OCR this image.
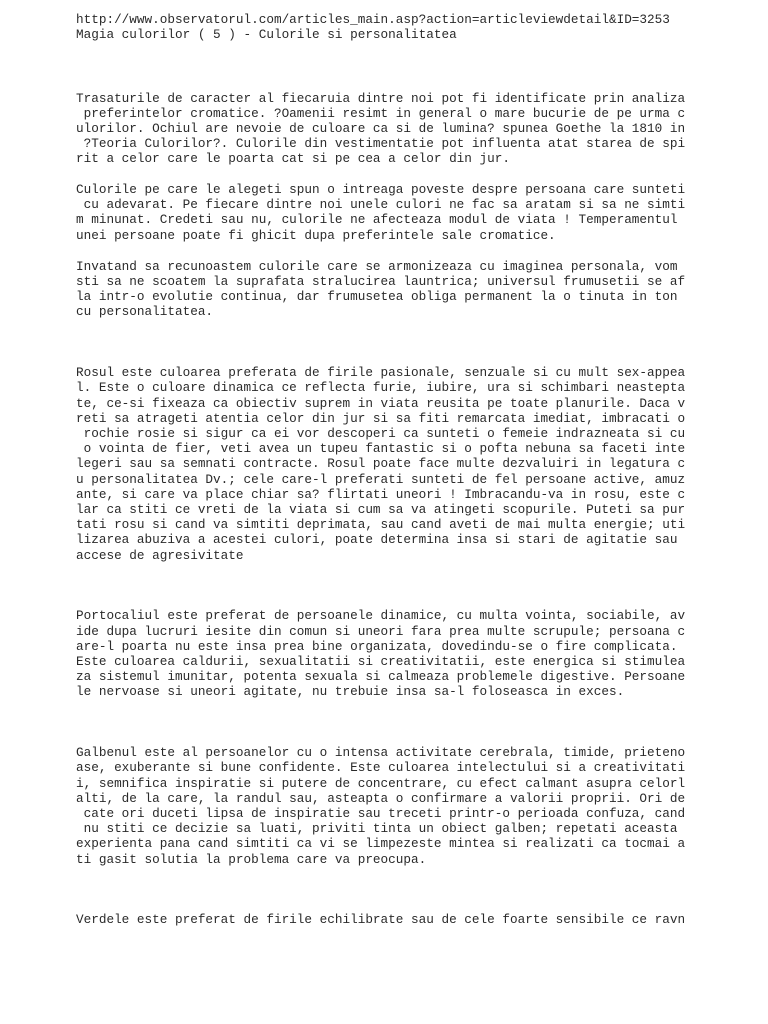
http://www.observatorul.com/articles_main.asp?action=articleviewdetail&ID=3253
Magia culorilor ( 5 ) - Culorile si personalitatea
Trasaturile de caracter al fiecaruia dintre noi pot fi identificate prin analiza
preferintelor cromatice. ?Oamenii resimt in general o mare bucurie de pe urma c
ulorilor. Ochiul are nevoie de culoare ca si de lumina? spunea Goethe la 1810 in
?Teoria Culorilor?. Culorile din vestimentatie pot influenta atat starea de spi
rit a celor care le poarta cat si pe cea a celor din jur.
Culorile pe care le alegeti spun o intreaga poveste despre persoana care sunteti
cu adevarat. Pe fiecare dintre noi unele culori ne fac sa aratam si sa ne simti
m minunat. Credeti sau nu, culorile ne afecteaza modul de viata ! Temperamentul
unei persoane poate fi ghicit dupa preferintele sale cromatice.
Invatand sa recunoastem culorile care se armonizeaza cu imaginea personala, vom
sti sa ne scoatem la suprafata stralucirea launtrica; universul frumusetii se af
la intr-o evolutie continua, dar frumusetea obliga permanent la o tinuta in ton
cu personalitatea.
Rosul este culoarea preferata de firile pasionale, senzuale si cu mult sex-appea
l. Este o culoare dinamica ce reflecta furie, iubire, ura si schimbari neastepta
te, ce-si fixeaza ca obiectiv suprem in viata reusita pe toate planurile. Daca v
reti sa atrageti atentia celor din jur si sa fiti remarcata imediat, imbracati o
rochie rosie si sigur ca ei vor descoperi ca sunteti o femeie indrazneata si cu
o vointa de fier, veti avea un tupeu fantastic si o pofta nebuna sa faceti inte
legeri sau sa semnati contracte. Rosul poate face multe dezvaluiri in legatura c
u personalitatea Dv.; cele care-l preferati sunteti de fel persoane active, amuz
ante, si care va place chiar sa? flirtati uneori ! Imbracandu-va in rosu, este c
lar ca stiti ce vreti de la viata si cum sa va atingeti scopurile. Puteti sa pur
tati rosu si cand va simtiti deprimata, sau cand aveti de mai multa energie; uti
lizarea abuziva a acestei culori, poate determina insa si stari de agitatie sau
accese de agresivitate
Portocaliul este preferat de persoanele dinamice, cu multa vointa, sociabile, av
ide dupa lucruri iesite din comun si uneori fara prea multe scrupule; persoana c
are-l poarta nu este insa prea bine organizata, dovedindu-se o fire complicata.
Este culoarea caldurii, sexualitatii si creativitatii, este energica si stimulea
za sistemul imunitar, potenta sexuala si calmeaza problemele digestive. Persoane
le nervoase si uneori agitate, nu trebuie insa sa-l foloseasca in exces.
Galbenul este al persoanelor cu o intensa activitate cerebrala, timide, prieteno
ase, exuberante si bune confidente. Este culoarea intelectului si a creativitati
i, semnifica inspiratie si putere de concentrare, cu efect calmant asupra celorl
alti, de la care, la randul sau, asteapta o confirmare a valorii proprii. Ori de
cate ori duceti lipsa de inspiratie sau treceti printr-o perioada confuza, cand
nu stiti ce decizie sa luati, priviti tinta un obiect galben; repetati aceasta
experienta pana cand simtiti ca vi se limpezeste mintea si realizati ca tocmai a
ti gasit solutia la problema care va preocupa.
Verdele este preferat de firile echilibrate sau de cele foarte sensibile ce ravn
